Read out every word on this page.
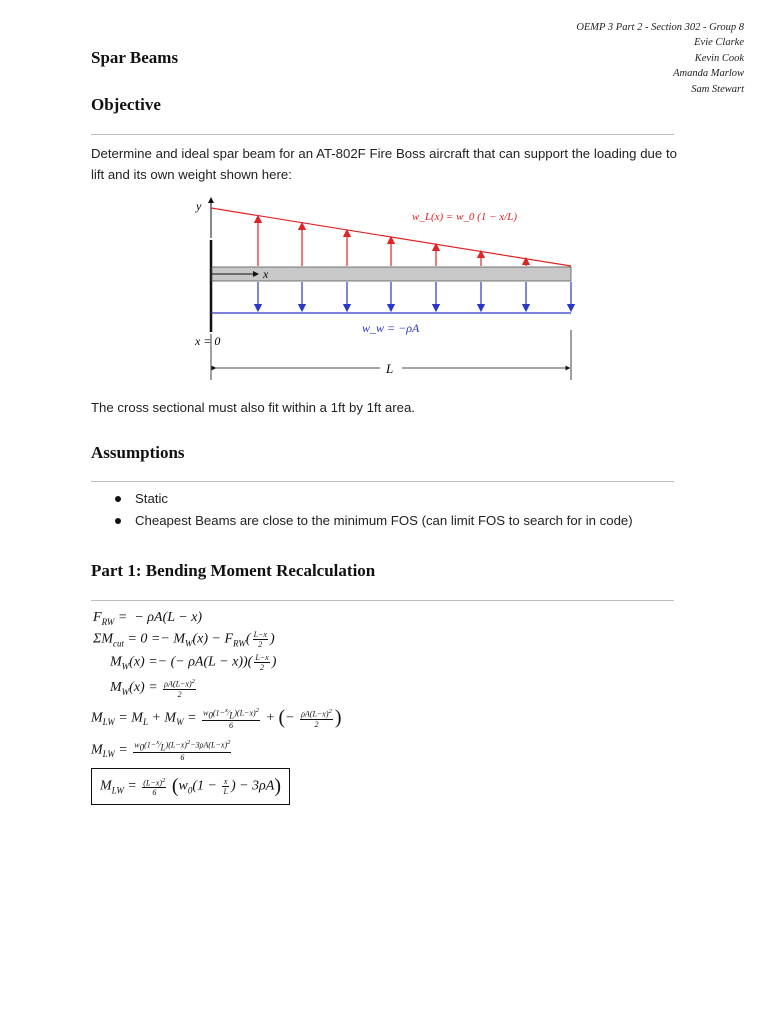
OEMP 3 Part 2 - Section 302 - Group 8
Evie Clarke
Kevin Cook
Amanda Marlow
Sam Stewart
Spar Beams
Objective
Determine and ideal spar beam for an AT-802F Fire Boss aircraft that can support the loading due to lift and its own weight shown here:
y
w_L(x) = w_0 (1 − x/L)
x
w_w = −ρA
x = 0
L
The cross sectional must also fit within a 1ft by 1ft area.
Assumptions
Static
Cheapest Beams are close to the minimum FOS (can limit FOS to search for in code)
Part 1: Bending Moment Recalculation
$F_{RW}$ =  − ρA(L − x)
$\Sigma M_{cut} = 0 =- M_W(x) - F_{RW}( \frac{L-x}{2}$ )
$M_W(x)$ =− (− $\rho A(L - x))( \frac{L-x}{2}$ )
$M_W(x) = \frac{\rho A(L-x)^2}{2}$
$M_{LW} = M_L + M_W = \frac{w_0(1-^x⁄_L)(L-x)^2}{6}$ + (− $\frac{\rho A(L-x)^2}{2}$ )
$M_{LW} = \frac{w_0(1-^x⁄_L)(L-x)^2-3\rho A(L-x)^2}{6}$
$M_{LW} = \frac{(L-x)^2}{6} (w_0(1 - \frac{x}{L}$ ) − 3ρA)
